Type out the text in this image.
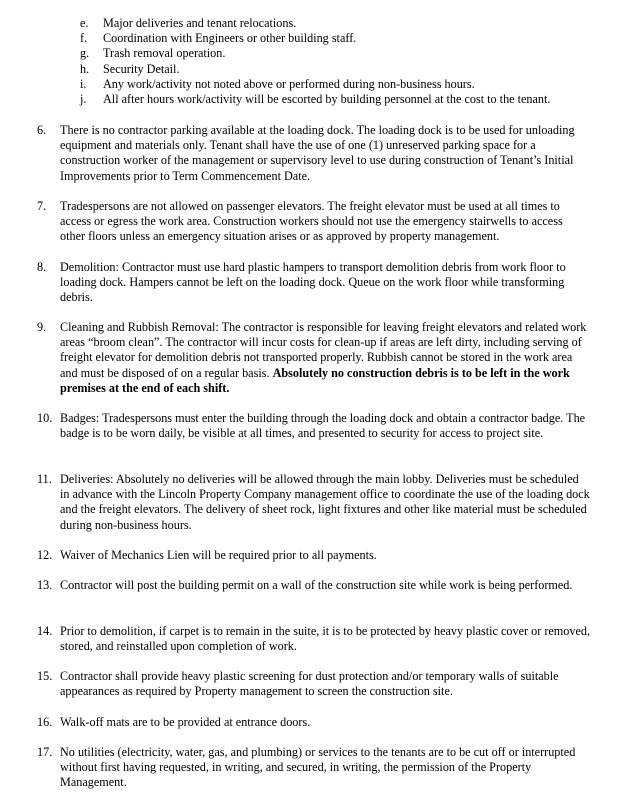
e.	Major deliveries and tenant relocations.
f.	Coordination with Engineers or other building staff.
g.	Trash removal operation.
h.	Security Detail.
i.	Any work/activity not noted above or performed during non-business hours.
j.	All after hours work/activity will be escorted by building personnel at the cost to the tenant.
6.	There is no contractor parking available at the loading dock. The loading dock is to be used for unloading equipment and materials only. Tenant shall have the use of one (1) unreserved parking space for a construction worker of the management or supervisory level to use during construction of Tenant’s Initial Improvements prior to Term Commencement Date.
7.	Tradespersons are not allowed on passenger elevators. The freight elevator must be used at all times to access or egress the work area. Construction workers should not use the emergency stairwells to access other floors unless an emergency situation arises or as approved by property management.
8.	Demolition: Contractor must use hard plastic hampers to transport demolition debris from work floor to loading dock. Hampers cannot be left on the loading dock. Queue on the work floor while transforming debris.
9.	Cleaning and Rubbish Removal: The contractor is responsible for leaving freight elevators and related work areas “broom clean”. The contractor will incur costs for clean-up if areas are left dirty, including serving of freight elevator for demolition debris not transported properly. Rubbish cannot be stored in the work area and must be disposed of on a regular basis. Absolutely no construction debris is to be left in the work premises at the end of each shift.
10. Badges: Tradespersons must enter the building through the loading dock and obtain a contractor badge. The badge is to be worn daily, be visible at all times, and presented to security for access to project site.
11. Deliveries: Absolutely no deliveries will be allowed through the main lobby. Deliveries must be scheduled in advance with the Lincoln Property Company management office to coordinate the use of the loading dock and the freight elevators. The delivery of sheet rock, light fixtures and other like material must be scheduled during non-business hours.
12. Waiver of Mechanics Lien will be required prior to all payments.
13. Contractor will post the building permit on a wall of the construction site while work is being performed.
14. Prior to demolition, if carpet is to remain in the suite, it is to be protected by heavy plastic cover or removed, stored, and reinstalled upon completion of work.
15. Contractor shall provide heavy plastic screening for dust protection and/or temporary walls of suitable appearances as required by Property management to screen the construction site.
16. Walk-off mats are to be provided at entrance doors.
17. No utilities (electricity, water, gas, and plumbing) or services to the tenants are to be cut off or interrupted without first having requested, in writing, and secured, in writing, the permission of the Property Management.
